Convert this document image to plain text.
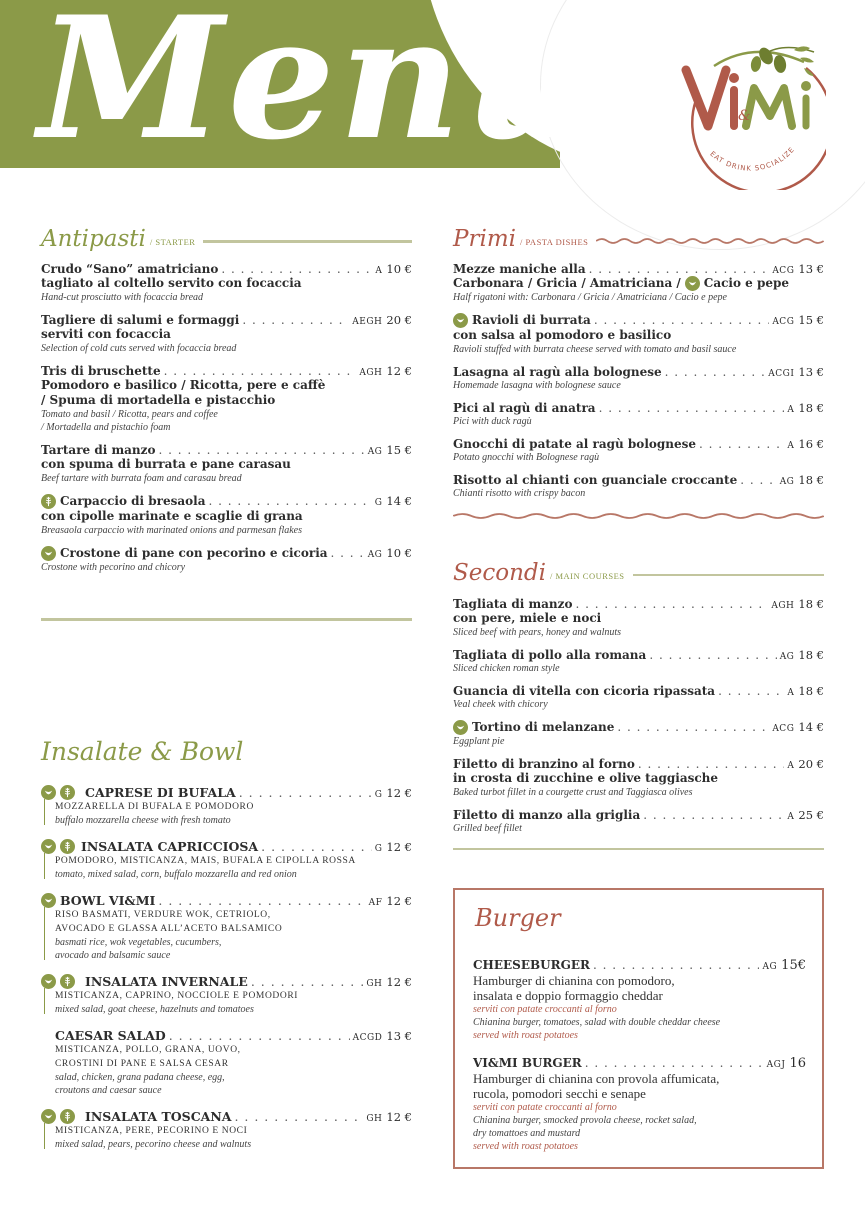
Menù	&
EAT DRINK SOCIALIZE
Antipasti / STARTER
Crudo “Sano” amatriciano . . .	A 10 €
tagliato al coltello servito con focaccia
Hand-cut prosciutto with focaccia bread
Tagliere di salumi e formaggi . . .	AEGH 20 €
serviti con focaccia
Selection of cold cuts served with focaccia bread
Tris di bruschette . . .	AGH 12 €
Pomodoro e basilico / Ricotta, pere e caffè
/ Spuma di mortadella e pistacchio
Tomato and basil / Ricotta, pears and coffee
/ Mortadella and pistachio foam
Tartare di manzo . . .	AG 15 €
con spuma di burrata e pane carasau
Beef tartare with burrata foam and carasau bread
Carpaccio di bresaola . . .	G 14 €
con cipolle marinate e scaglie di grana
Breasaola carpaccio with marinated onions and parmesan flakes
Crostone di pane con pecorino e cicoria . . .	AG 10 €
Crostone with pecorino and chicory
Insalate & Bowl
CAPRESE DI BUFALA . . .	G 12 €
MOZZARELLA DI BUFALA E POMODORO
buffalo mozzarella cheese with fresh tomato
INSALATA CAPRICCIOSA . . .	G 12 €
POMODORO, MISTICANZA, MAIS, BUFALA E CIPOLLA ROSSA
tomato, mixed salad, corn, buffalo mozzarella and red onion
BOWL VI&MI . . .	AF 12 €
RISO BASMATI, VERDURE WOK, CETRIOLO,
AVOCADO E GLASSA ALL’ACETO BALSAMICO
basmati rice, wok vegetables, cucumbers,
avocado and balsamic sauce
INSALATA INVERNALE . . .	GH 12 €
MISTICANZA, CAPRINO, NOCCIOLE E POMODORI
mixed salad, goat cheese, hazelnuts and tomatoes
CAESAR SALAD . . .	ACGD 13 €
MISTICANZA, POLLO, GRANA, UOVO,
CROSTINI DI PANE E SALSA CESAR
salad, chicken, grana padana cheese, egg,
croutons and caesar sauce
INSALATA TOSCANA . . .	GH 12 €
MISTICANZA, PERE, PECORINO E NOCI
mixed salad, pears, pecorino cheese and walnuts
Primi / PASTA DISHES
Mezze maniche alla . . .	ACG 13 €
Carbonara / Gricia / Amatriciana / Cacio e pepe
Half rigatoni with: Carbonara / Gricia / Amatriciana / Cacio e pepe
Ravioli di burrata . . .	ACG 15 €
con salsa al pomodoro e basilico
Ravioli stuffed with burrata cheese served with tomato and basil sauce
Lasagna al ragù alla bolognese . . .	ACGI 13 €
Homemade lasagna with bolognese sauce
Pici al ragù di anatra . . .	A 18 €
Pici with duck ragù
Gnocchi di patate al ragù bolognese . . .	A 16 €
Potato gnocchi with Bolognese ragù
Risotto al chianti con guanciale croccante . . .	AG 18 €
Chianti risotto with crispy bacon
Secondi / MAIN COURSES
Tagliata di manzo . . .	AGH 18 €
con pere, miele e noci
Sliced beef with pears, honey and walnuts
Tagliata di pollo alla romana . . .	AG 18 €
Sliced chicken roman style
Guancia di vitella con cicoria ripassata . . .	A 18 €
Veal cheek with chicory
Tortino di melanzane . . .	ACG 14 €
Eggplant pie
Filetto di branzino al forno . . .	A 20 €
in crosta di zucchine e olive taggiasche
Baked turbot fillet in a courgette crust and Taggiasca olives
Filetto di manzo alla griglia . . .	A 25 €
Grilled beef fillet
Burger
CHEESEBURGER . . .	AG 15€
Hamburger di chianina con pomodoro,
insalata e doppio formaggio cheddar
serviti con patate croccanti al forno
Chianina burger, tomatoes, salad with double cheddar cheese
served with roast potatoes
VI&MI BURGER . . .	AGJ 16
Hamburger di chianina con provola affumicata,
rucola, pomodori secchi e senape
serviti con patate croccanti al forno
Chianina burger, smocked provola cheese, rocket salad,
dry tomattoes and mustard
served with roast potatoes
